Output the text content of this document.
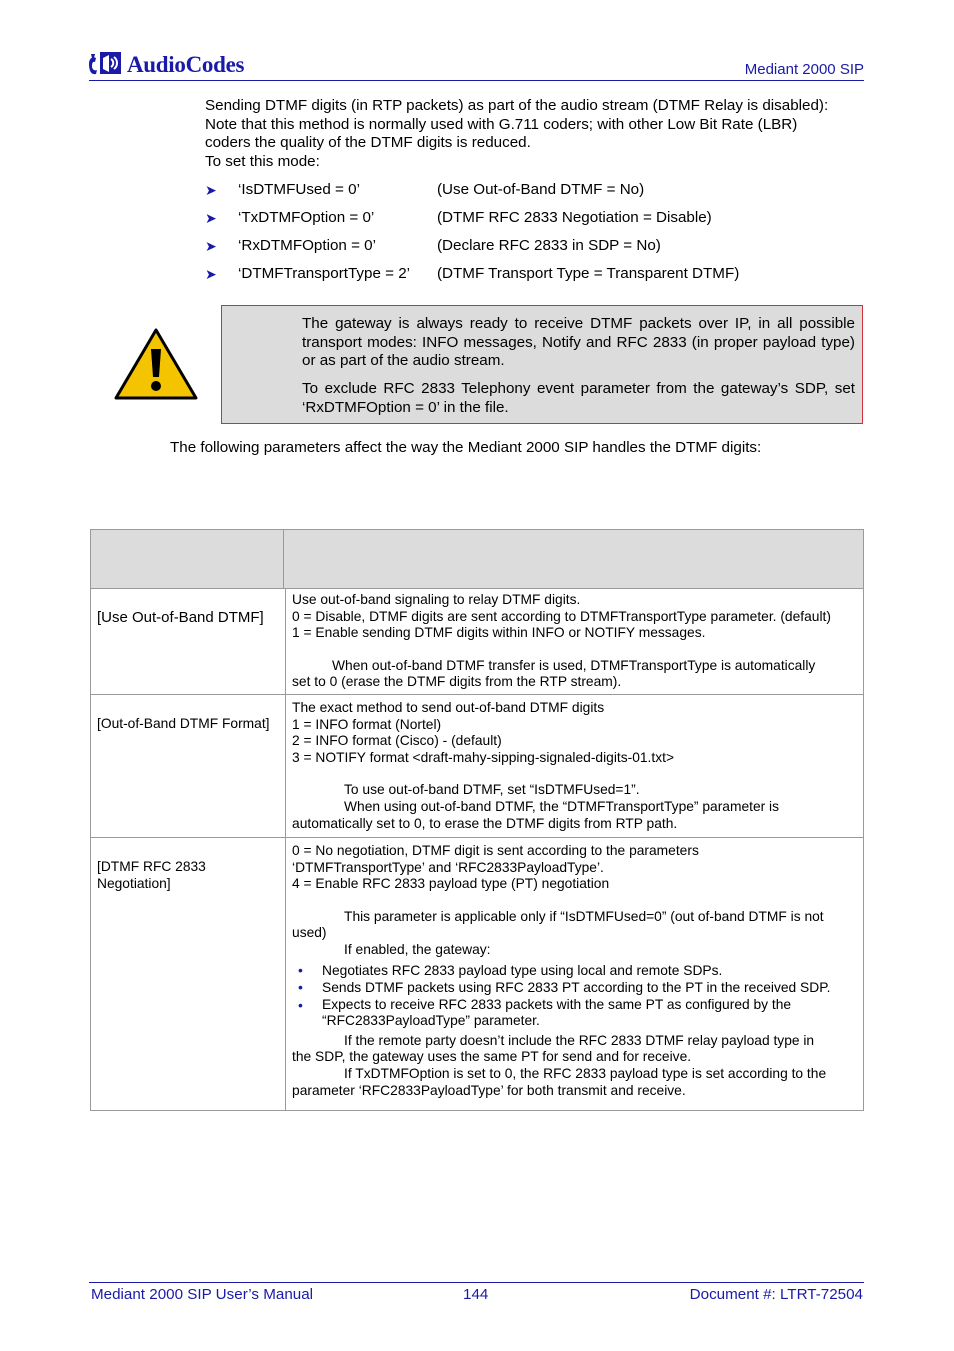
AudioCodes	Mediant 2000 SIP
Sending DTMF digits (in RTP packets) as part of the audio stream (DTMF Relay is disabled):
Note that this method is normally used with G.711 coders; with other Low Bit Rate (LBR)
coders the quality of the DTMF digits is reduced.
To set this mode:
➤ ‘IsDTMFUsed = 0’	(Use Out-of-Band DTMF = No)
➤ ‘TxDTMFOption = 0’	(DTMF RFC 2833 Negotiation = Disable)
➤ ‘RxDTMFOption = 0’	(Declare RFC 2833 in SDP = No)
➤ ‘DTMFTransportType = 2’ (DTMF Transport Type = Transparent DTMF)
The gateway is always ready to receive DTMF packets over IP, in all possible transport modes: INFO messages, Notify and RFC 2833 (in proper payload type) or as part of the audio stream.
To exclude RFC 2833 Telephony event parameter from the gateway’s SDP, set ‘RxDTMFOption = 0’ in the file.
The following parameters affect the way the Mediant 2000 SIP handles the DTMF digits:
[Use Out-of-Band DTMF]
Use out-of-band signaling to relay DTMF digits.
0 = Disable, DTMF digits are sent according to DTMFTransportType parameter. (default)
1 = Enable sending DTMF digits within INFO or NOTIFY messages.
When out-of-band DTMF transfer is used, DTMFTransportType is automatically
set to 0 (erase the DTMF digits from the RTP stream).
[Out-of-Band DTMF Format]
The exact method to send out-of-band DTMF digits
1 = INFO format (Nortel)
2 = INFO format (Cisco) - (default)
3 = NOTIFY format <draft-mahy-sipping-signaled-digits-01.txt>
To use out-of-band DTMF, set “IsDTMFUsed=1”.
When using out-of-band DTMF, the “DTMFTransportType” parameter is
automatically set to 0, to erase the DTMF digits from RTP path.
[DTMF RFC 2833
Negotiation]
0 = No negotiation, DTMF digit is sent according to the parameters
‘DTMFTransportType’ and ‘RFC2833PayloadType’.
4 = Enable RFC 2833 payload type (PT) negotiation
This parameter is applicable only if “IsDTMFUsed=0” (out of-band DTMF is not
used)
If enabled, the gateway:
• Negotiates RFC 2833 payload type using local and remote SDPs.
• Sends DTMF packets using RFC 2833 PT according to the PT in the received SDP.
• Expects to receive RFC 2833 packets with the same PT as configured by the “RFC2833PayloadType” parameter.
If the remote party doesn’t include the RFC 2833 DTMF relay payload type in
the SDP, the gateway uses the same PT for send and for receive.
If TxDTMFOption is set to 0, the RFC 2833 payload type is set according to the
parameter ‘RFC2833PayloadType’ for both transmit and receive.
Mediant 2000 SIP User’s Manual	144	Document #: LTRT-72504
